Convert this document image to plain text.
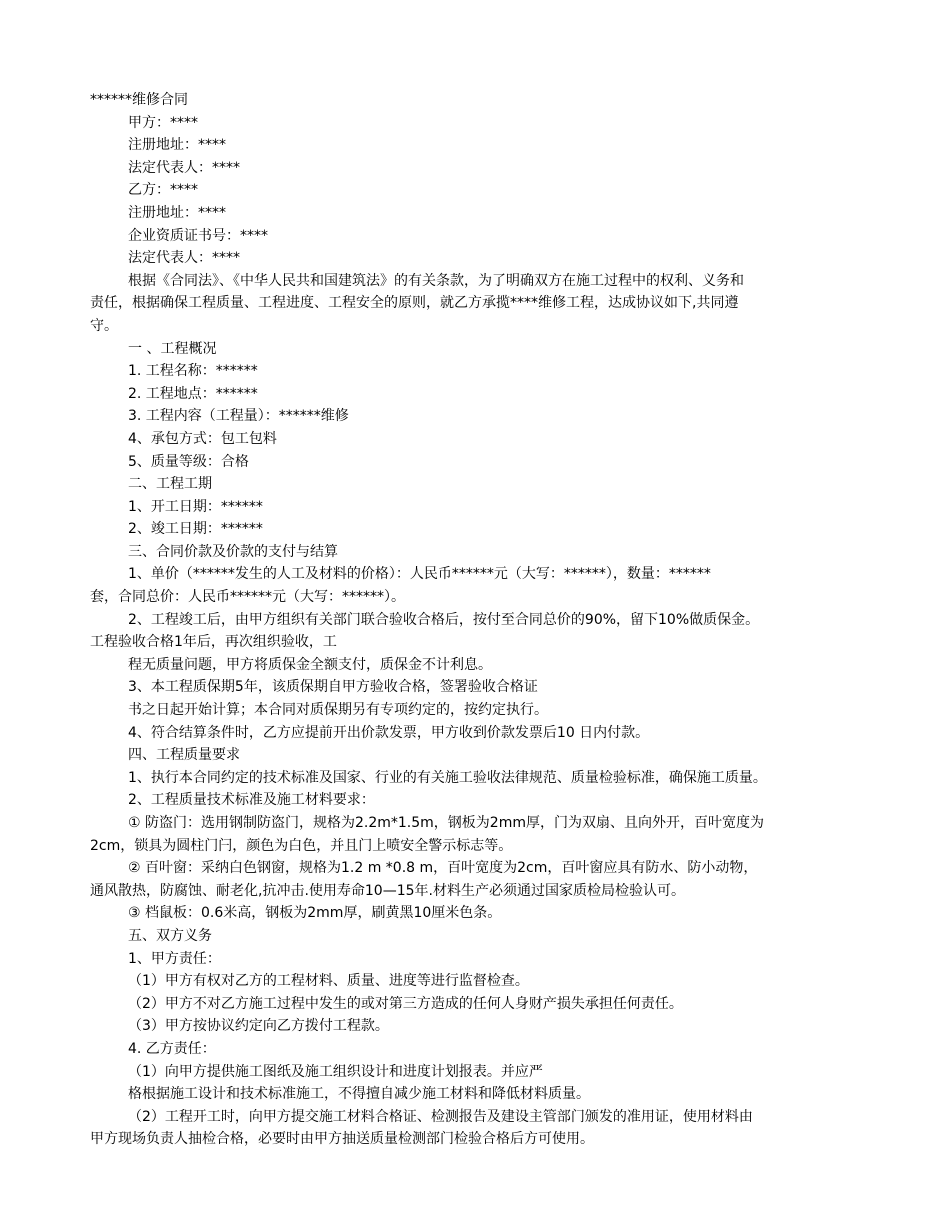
******维修合同
甲方：****
注册地址：****
法定代表人：****
乙方：****
注册地址：****
企业资质证书号：****
法定代表人：****
根据《合同法》、《中华人民共和国建筑法》的有关条款，为了明确双方在施工过程中的权利、义务和
责任，根据确保工程质量、工程进度、工程安全的原则，就乙方承揽****维修工程，达成协议如下,共同遵
守。
一 、工程概况
1. 工程名称：******
2. 工程地点：******
3. 工程内容（工程量）：******维修
4、承包方式：包工包料
5、质量等级：合格
二、工程工期
1、开工日期：******
2、竣工日期：******
三、合同价款及价款的支付与结算
1、单价（******发生的人工及材料的价格）：人民币******元（大写：******），数量：******
套，合同总价：人民币******元（大写：******）。
2、工程竣工后，由甲方组织有关部门联合验收合格后，按付至合同总价的90%，留下10%做质保金。
工程验收合格1年后，再次组织验收，工
程无质量问题，甲方将质保金全额支付，质保金不计利息。
3、本工程质保期5年，该质保期自甲方验收合格，签署验收合格证
书之日起开始计算；本合同对质保期另有专项约定的，按约定执行。
4、符合结算条件时，乙方应提前开出价款发票，甲方收到价款发票后10 日内付款。
四、工程质量要求
1、执行本合同约定的技术标准及国家、行业的有关施工验收法律规范、质量检验标准，确保施工质量。
2、工程质量技术标准及施工材料要求：
① 防盗门：选用钢制防盗门，规格为2.2m*1.5m，钢板为2mm厚，门为双扇、且向外开，百叶宽度为
2cm，锁具为圆柱门闩，颜色为白色，并且门上喷安全警示标志等。
② 百叶窗：采纳白色钢窗，规格为1.2 m *0.8 m，百叶宽度为2cm，百叶窗应具有防水、防小动物，
通风散热，防腐蚀、耐老化,抗冲击.使用寿命10—15年.材料生产必须通过国家质检局检验认可。
③ 档鼠板：0.6米高，钢板为2mm厚，刷黄黑10厘米色条。
五、双方义务
1、甲方责任：
（1）甲方有权对乙方的工程材料、质量、进度等进行监督检查。
（2）甲方不对乙方施工过程中发生的或对第三方造成的任何人身财产损失承担任何责任。
（3）甲方按协议约定向乙方拨付工程款。
4. 乙方责任：
（1）向甲方提供施工图纸及施工组织设计和进度计划报表。并应严
格根据施工设计和技术标准施工，不得擅自减少施工材料和降低材料质量。
（2）工程开工时，向甲方提交施工材料合格证、检测报告及建设主管部门颁发的准用证，使用材料由
甲方现场负责人抽检合格，必要时由甲方抽送质量检测部门检验合格后方可使用。
